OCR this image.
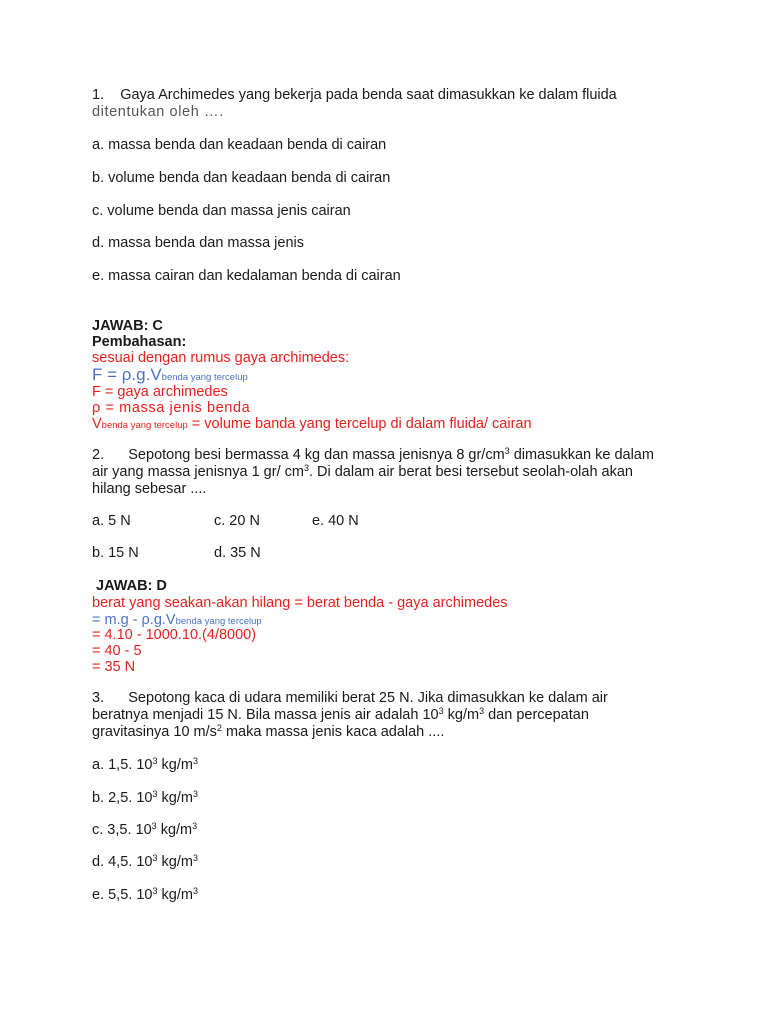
1. Gaya Archimedes yang bekerja pada benda saat dimasukkan ke dalam fluida
ditentukan oleh ….
a. massa benda dan keadaan benda di cairan
b. volume benda dan keadaan benda di cairan
c. volume benda dan massa jenis cairan
d. massa benda dan massa jenis
e. massa cairan dan kedalaman benda di cairan
JAWAB: C
Pembahasan:
sesuai dengan rumus gaya archimedes:
F = ρ.g.Vbenda yang tercelup
F = gaya archimedes
ρ = massa jenis benda
Vbenda yang tercelup = volume banda yang tercelup di dalam fluida/ cairan
2. Sepotong besi bermassa 4 kg dan massa jenisnya 8 $gr/cm^3$ dimasukkan ke dalam
air yang massa jenisnya 1 gr/ $cm^3$. Di dalam air berat besi tersebut seolah-olah akan
hilang sebesar ....
a. 5 N	c. 20 N	e. 40 N
b. 15 N	d. 35 N
JAWAB: D
berat yang seakan-akan hilang = berat benda - gaya archimedes
= m.g - ρ.g.Vbenda yang tercelup
= 4.10 - 1000.10.(4/8000)
= 40 - 5
= 35 N
3. Sepotong kaca di udara memiliki berat 25 N. Jika dimasukkan ke dalam air
beratnya menjadi 15 N. Bila massa jenis air adalah $10^3$ $kg/m^3$ dan percepatan
gravitasinya 10 $m/s^2$ maka massa jenis kaca adalah ....
a. 1,5. $10^3$ $kg/m^3$
b. 2,5. $10^3$ $kg/m^3$
c. 3,5. $10^3$ $kg/m^3$
d. 4,5. $10^3$ $kg/m^3$
e. 5,5. $10^3$ $kg/m^3$
